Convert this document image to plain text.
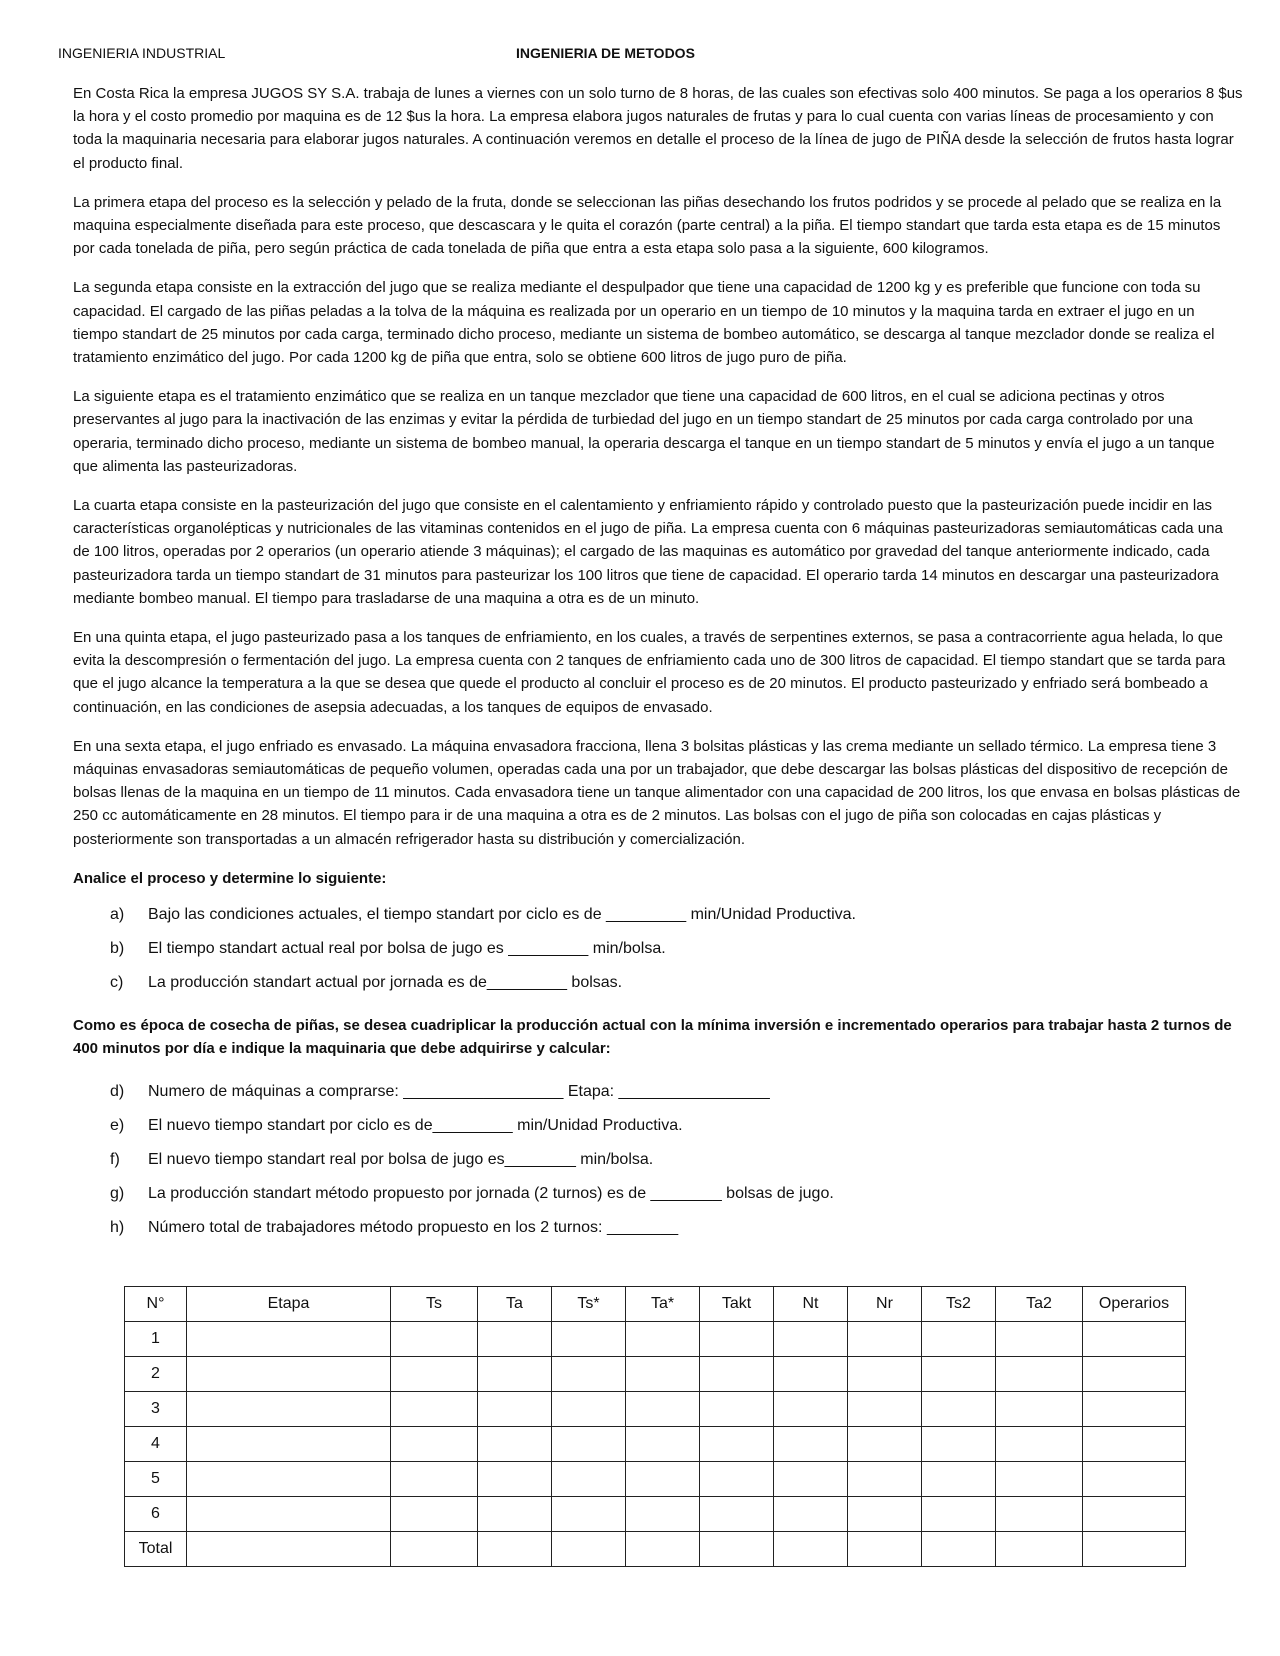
INGENIERIA INDUSTRIAL	INGENIERIA DE METODOS

En Costa Rica la empresa JUGOS SY S.A. trabaja de lunes a viernes con un solo turno de 8 horas, de las cuales son efectivas solo 400 minutos. Se paga a los operarios 8 $us la hora y el costo promedio por maquina es de 12 $us la hora. La empresa elabora jugos naturales de frutas y para lo cual cuenta con varias líneas de procesamiento y con toda la maquinaria necesaria para elaborar jugos naturales. A continuación veremos en detalle el proceso de la línea de jugo de PIÑA desde la selección de frutos hasta lograr el producto final.

La primera etapa del proceso es la selección y pelado de la fruta, donde se seleccionan las piñas desechando los frutos podridos y se procede al pelado que se realiza en la maquina especialmente diseñada para este proceso, que descascara y le quita el corazón (parte central) a la piña. El tiempo standart que tarda esta etapa es de 15 minutos por cada tonelada de piña, pero según práctica de cada tonelada de piña que entra a esta etapa solo pasa a la siguiente, 600 kilogramos.

La segunda etapa consiste en la extracción del jugo que se realiza mediante el despulpador que tiene una capacidad de 1200 kg y es preferible que funcione con toda su capacidad. El cargado de las piñas peladas a la tolva de la máquina es realizada por un operario en un tiempo de 10 minutos y la maquina tarda en extraer el jugo en un tiempo standart de 25 minutos por cada carga, terminado dicho proceso, mediante un sistema de bombeo automático, se descarga al tanque mezclador donde se realiza el tratamiento enzimático del jugo. Por cada 1200 kg de piña que entra, solo se obtiene 600 litros de jugo puro de piña.

La siguiente etapa es el tratamiento enzimático que se realiza en un tanque mezclador que tiene una capacidad de 600 litros, en el cual se adiciona pectinas y otros preservantes al jugo para la inactivación de las enzimas y evitar la pérdida de turbiedad del jugo en un tiempo standart de 25 minutos por cada carga controlado por una operaria, terminado dicho proceso, mediante un sistema de bombeo manual, la operaria descarga el tanque en un tiempo standart de 5 minutos y envía el jugo a un tanque que alimenta las pasteurizadoras.

La cuarta etapa consiste en la pasteurización del jugo que consiste en el calentamiento y enfriamiento rápido y controlado puesto que la pasteurización puede incidir en las características organolépticas y nutricionales de las vitaminas contenidos en el jugo de piña. La empresa cuenta con 6 máquinas pasteurizadoras semiautomáticas cada una de 100 litros, operadas por 2 operarios (un operario atiende 3 máquinas); el cargado de las maquinas es automático por gravedad del tanque anteriormente indicado, cada pasteurizadora tarda un tiempo standart de 31 minutos para pasteurizar los 100 litros que tiene de capacidad. El operario tarda 14 minutos en descargar una pasteurizadora mediante bombeo manual. El tiempo para trasladarse de una maquina a otra es de un minuto.

En una quinta etapa, el jugo pasteurizado pasa a los tanques de enfriamiento, en los cuales, a través de serpentines externos, se pasa a contracorriente agua helada, lo que evita la descompresión o fermentación del jugo. La empresa cuenta con 2 tanques de enfriamiento cada uno de 300 litros de capacidad. El tiempo standart que se tarda para que el jugo alcance la temperatura a la que se desea que quede el producto al concluir el proceso es de 20 minutos. El producto pasteurizado y enfriado será bombeado a continuación, en las condiciones de asepsia adecuadas, a los tanques de equipos de envasado.

En una sexta etapa, el jugo enfriado es envasado. La máquina envasadora fracciona, llena 3 bolsitas plásticas y las crema mediante un sellado térmico. La empresa tiene 3 máquinas envasadoras semiautomáticas de pequeño volumen, operadas cada una por un trabajador, que debe descargar las bolsas plásticas del dispositivo de recepción de bolsas llenas de la maquina en un tiempo de 11 minutos. Cada envasadora tiene un tanque alimentador con una capacidad de 200 litros, los que envasa en bolsas plásticas de 250 cc automáticamente en 28 minutos. El tiempo para ir de una maquina a otra es de 2 minutos. Las bolsas con el jugo de piña son colocadas en cajas plásticas y posteriormente son transportadas a un almacén refrigerador hasta su distribución y comercialización.

Analice el proceso y determine lo siguiente:

a)	Bajo las condiciones actuales, el tiempo standart por ciclo es de _________ min/Unidad Productiva.
b)	El tiempo standart actual real por bolsa de jugo es _________ min/bolsa.
c)	La producción standart actual por jornada es de_________ bolsas.

Como es época de cosecha de piñas, se desea cuadriplicar la producción actual con la mínima inversión e incrementado operarios para trabajar hasta 2 turnos de 400 minutos por día e indique la maquinaria que debe adquirirse y calcular:

d)	Numero de máquinas a comprarse: __________________ Etapa: _________________
e)	El nuevo tiempo standart por ciclo es de_________ min/Unidad Productiva.
f)	El nuevo tiempo standart real por bolsa de jugo es________ min/bolsa.
g)	La producción standart método propuesto por jornada (2 turnos) es de ________ bolsas de jugo.
h)	Número total de trabajadores método propuesto en los 2 turnos: ________
N°	Etapa	Ts	Ta	Ts*	Ta*	Takt	Nt	Nr	Ts2	Ta2	Operarios
1											
2											
3											
4											
5											
6											
Total											
